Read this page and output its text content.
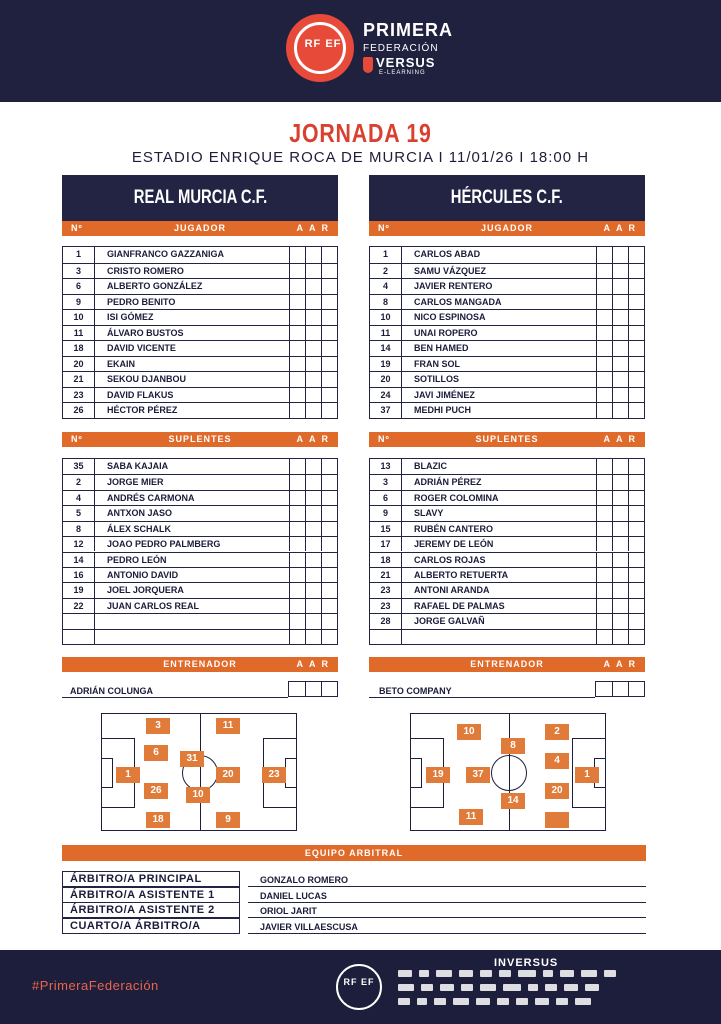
RF EF
PRIMERA
FEDERACIÓN
VERSUS
E-LEARNING
JORNADA 19
ESTADIO ENRIQUE ROCA DE MURCIA I 11/01/26 I 18:00 H
REAL MURCIA C.F.	HÉRCULES C.F.
Nº	JUGADOR	AAR	Nº	JUGADOR	AAR
1	GIANFRANCO GAZZANIGA
3	CRISTO ROMERO
6	ALBERTO GONZÁLEZ
9	PEDRO BENITO
10	ISI GÓMEZ
11	ÁLVARO BUSTOS
18	DAVID VICENTE
20	EKAIN
21	SEKOU DJANBOU
23	DAVID FLAKUS
26	HÉCTOR PÉREZ
1	CARLOS ABAD
2	SAMU VÁZQUEZ
4	JAVIER RENTERO
8	CARLOS MANGADA
10	NICO ESPINOSA
11	UNAI ROPERO
14	BEN HAMED
19	FRAN SOL
20	SOTILLOS
24	JAVI JIMÉNEZ
37	MEDHI PUCH
Nº	SUPLENTES	AAR	Nº	SUPLENTES	AAR
35	SABA KAJAIA
2	JORGE MIER
4	ANDRÉS CARMONA
5	ANTXON JASO
8	ÁLEX SCHALK
12	JOAO PEDRO PALMBERG
14	PEDRO LEÓN
16	ANTONIO DAVID
19	JOEL JORQUERA
22	JUAN CARLOS REAL
13	BLAZIC
3	ADRIÁN PÉREZ
6	ROGER COLOMINA
9	SLAVY
15	RUBÉN CANTERO
17	JEREMY DE LEÓN
18	CARLOS ROJAS
21	ALBERTO RETUERTA
23	ANTONI ARANDA
23	RAFAEL DE PALMAS
28	JORGE GALVAÑ
ENTRENADOR	AAR	ENTRENADOR	AAR
ADRIÁN COLUNGA	BETO COMPANY
3	11
6
31
1	20	23
26	10
18	9
10	2
8
4
19	37	1
20
14
11
EQUIPO ARBITRAL
ÁRBITRO/A PRINCIPAL	GONZALO ROMERO
ÁRBITRO/A ASISTENTE 1	DANIEL LUCAS
ÁRBITRO/A ASISTENTE 2	ORIOL JARIT
CUARTO/A ÁRBITRO/A	JAVIER VILLAESCUSA
#PrimeraFederación	RF EF
INVERSUS
